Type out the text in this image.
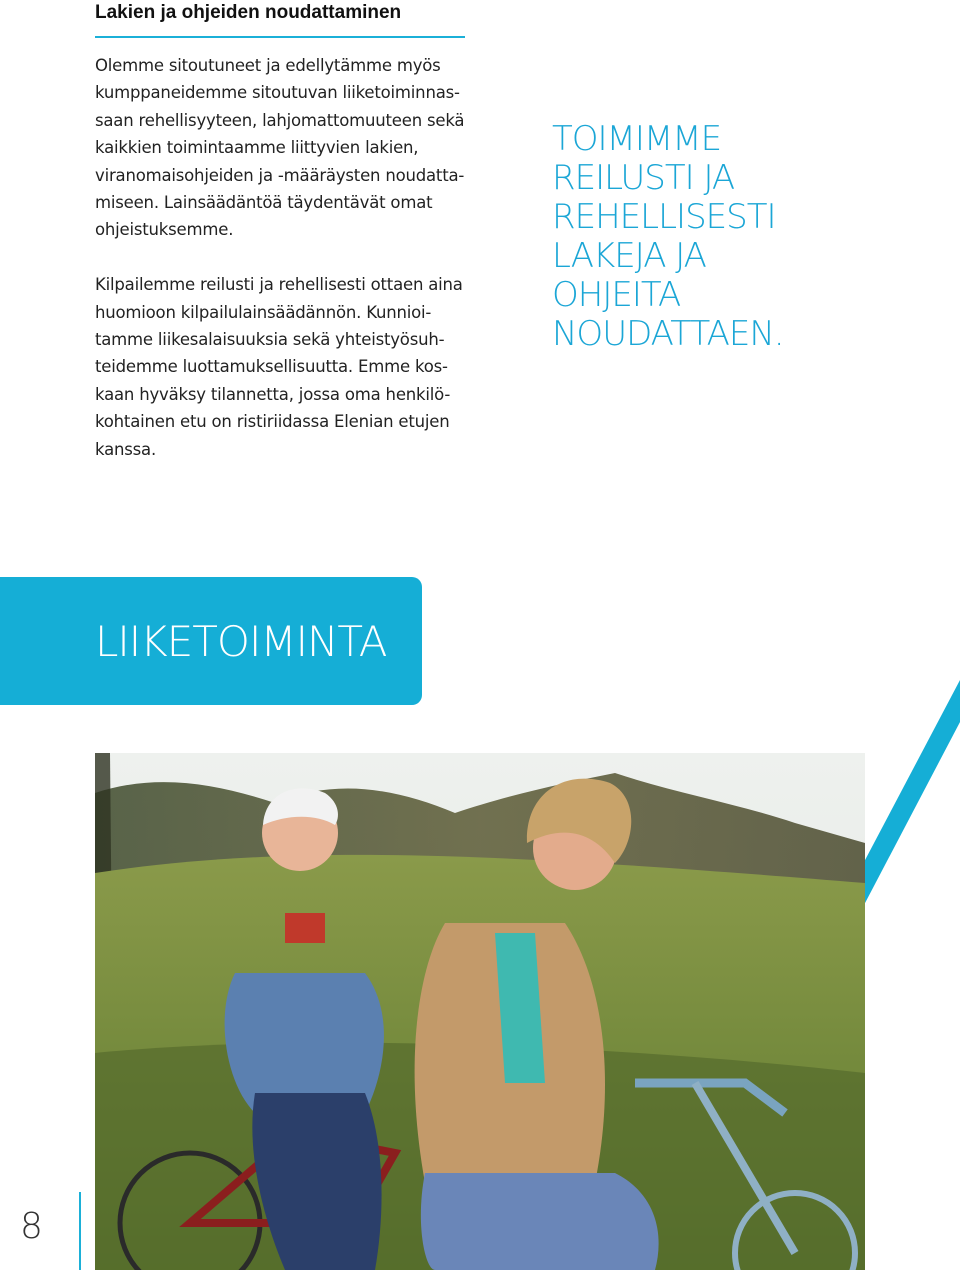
Lakien ja ohjeiden noudattaminen
Olemme sitoutuneet ja edellytämme myös
kumppaneidemme sitoutuvan liiketoiminnas-
saan rehellisyyteen, lahjomattomuuteen sekä
kaikkien toimintaamme liittyvien lakien,
viranomaisohjeiden ja -määräysten noudatta-
miseen. Lainsäädäntöä täydentävät omat
ohjeistuksemme.
Kilpailemme reilusti ja rehellisesti ottaen aina
huomioon kilpailulainsäädännön. Kunnioi-
tamme liikesalaisuuksia sekä yhteistyösuh-
teidemme luottamuksellisuutta. Emme kos-
kaan hyväksy tilannetta, jossa oma henkilö-
kohtainen etu on ristiriidassa Elenian etujen
kanssa.
TOIMIMME
REILUSTI JA
REHELLISESTI
LAKEJA JA
OHJEITA
NOUDATTAEN.
LIIKETOIMINTA
8
